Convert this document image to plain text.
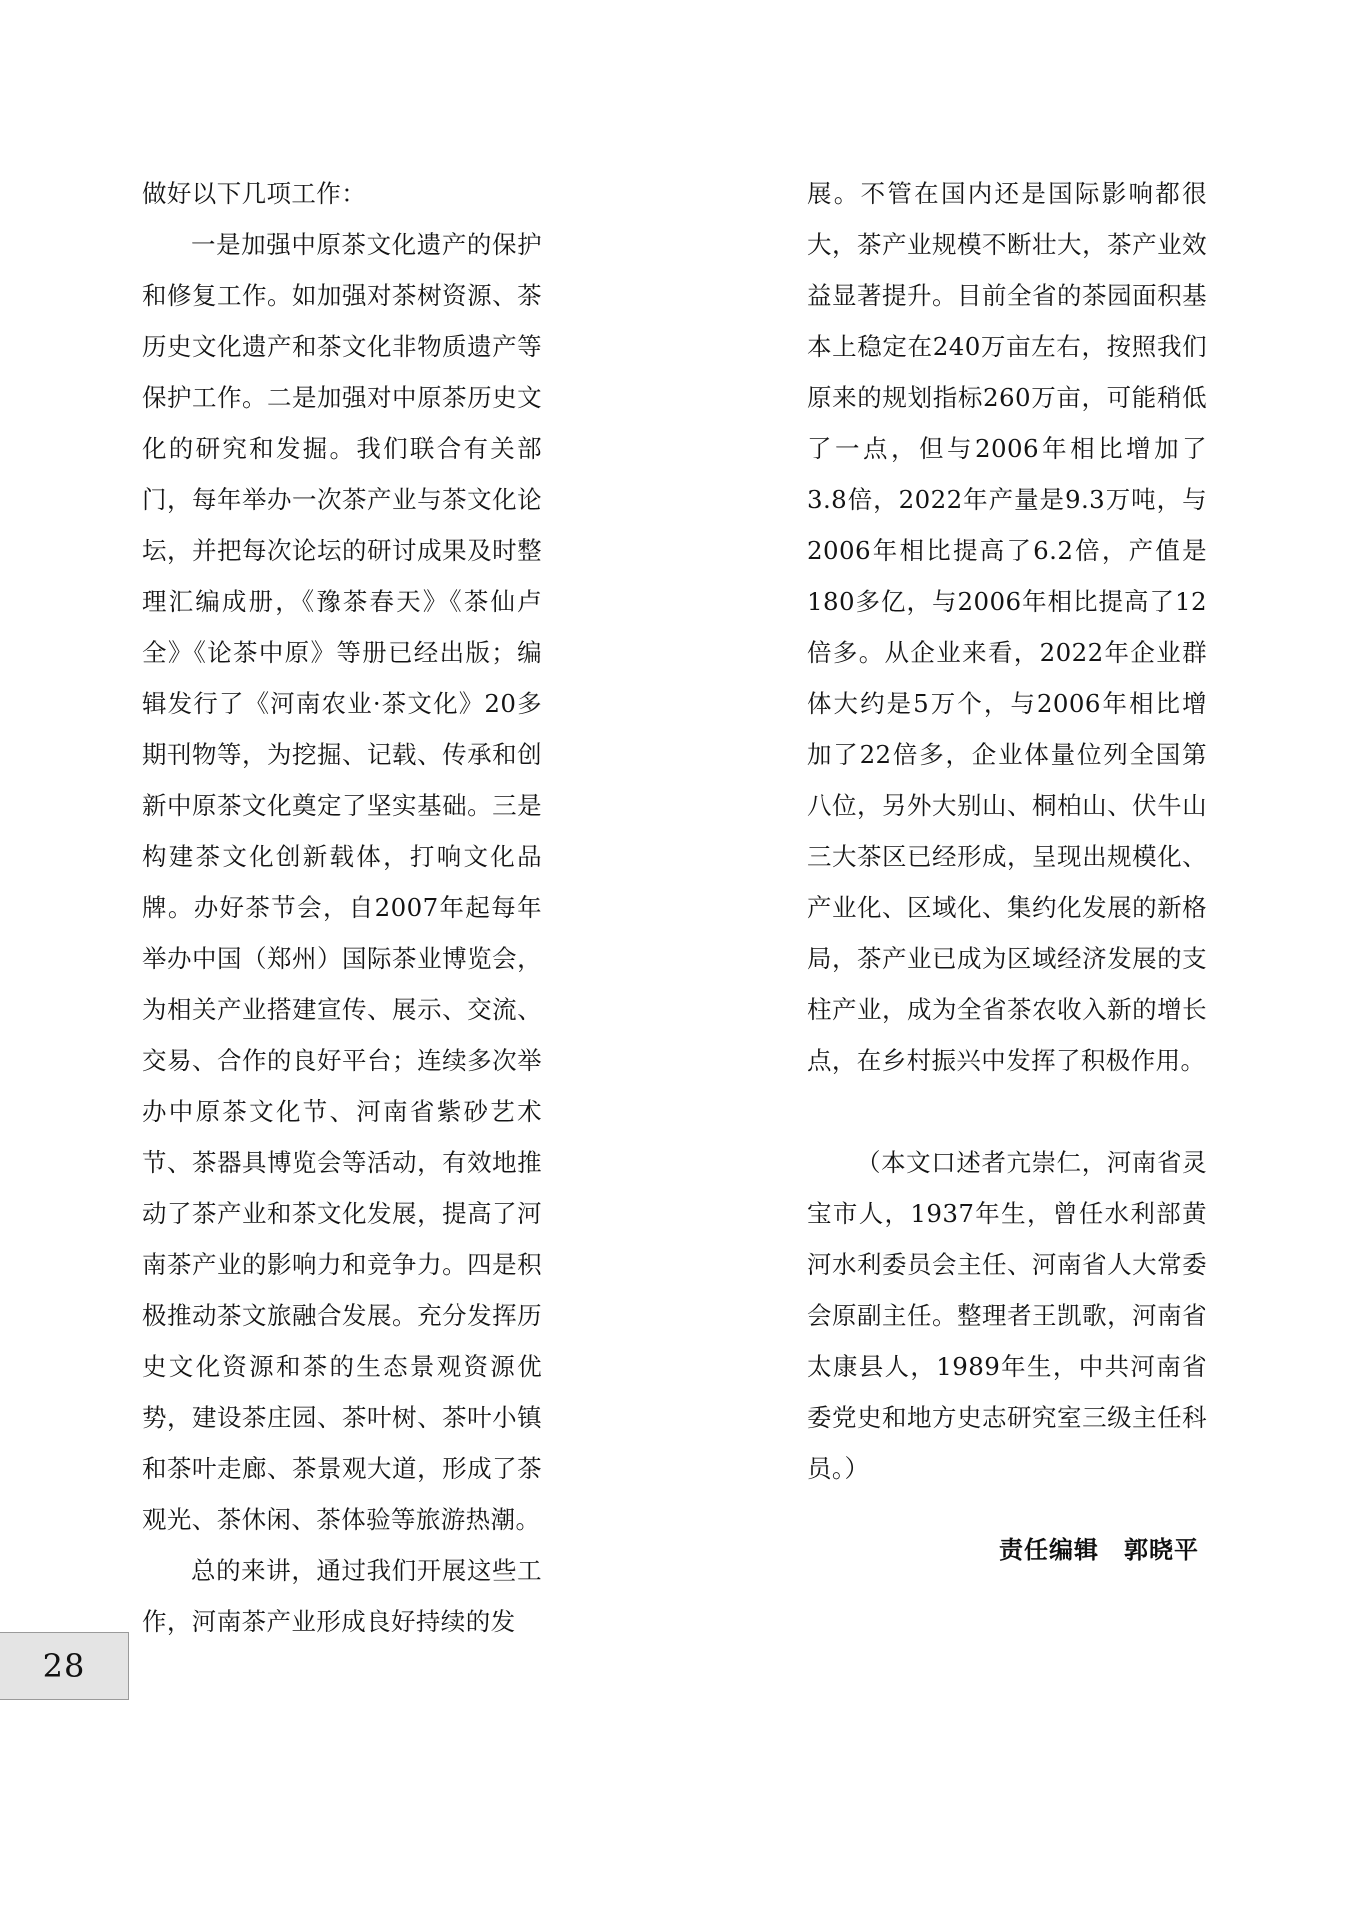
做好以下几项工作：

一是加强中原茶文化遗产的保护和修复工作。如加强对茶树资源、茶历史文化遗产和茶文化非物质遗产等保护工作。二是加强对中原茶历史文化的研究和发掘。我们联合有关部门，每年举办一次茶产业与茶文化论坛，并把每次论坛的研讨成果及时整理汇编成册，《豫茶春天》《茶仙卢全》《论茶中原》等册已经出版；编辑发行了《河南农业·茶文化》20多期刊物等，为挖掘、记载、传承和创新中原茶文化奠定了坚实基础。三是构建茶文化创新载体，打响文化品牌。办好茶节会，自2007年起每年举办中国（郑州）国际茶业博览会，为相关产业搭建宣传、展示、交流、交易、合作的良好平台；连续多次举办中原茶文化节、河南省紫砂艺术节、茶器具博览会等活动，有效地推动了茶产业和茶文化发展，提高了河南茶产业的影响力和竞争力。四是积极推动茶文旅融合发展。充分发挥历史文化资源和茶的生态景观资源优势，建设茶庄园、茶叶树、茶叶小镇和茶叶走廊、茶景观大道，形成了茶观光、茶休闲、茶体验等旅游热潮。

总的来讲，通过我们开展这些工作，河南茶产业形成良好持续的发

展。不管在国内还是国际影响都很大，茶产业规模不断壮大，茶产业效益显著提升。目前全省的茶园面积基本上稳定在240万亩左右，按照我们原来的规划指标260万亩，可能稍低了一点，但与2006年相比增加了3.8倍，2022年产量是9.3万吨，与2006年相比提高了6.2倍，产值是180多亿，与2006年相比提高了12倍多。从企业来看，2022年企业群体大约是5万个，与2006年相比增加了22倍多，企业体量位列全国第八位，另外大别山、桐柏山、伏牛山三大茶区已经形成，呈现出规模化、产业化、区域化、集约化发展的新格局，茶产业已成为区域经济发展的支柱产业，成为全省茶农收入新的增长点，在乡村振兴中发挥了积极作用。

（本文口述者亢崇仁，河南省灵宝市人，1937年生，曾任水利部黄河水利委员会主任、河南省人大常委会原副主任。整理者王凯歌，河南省太康县人，1989年生，中共河南省委党史和地方史志研究室三级主任科员。）

责任编辑　郭晓平

28
